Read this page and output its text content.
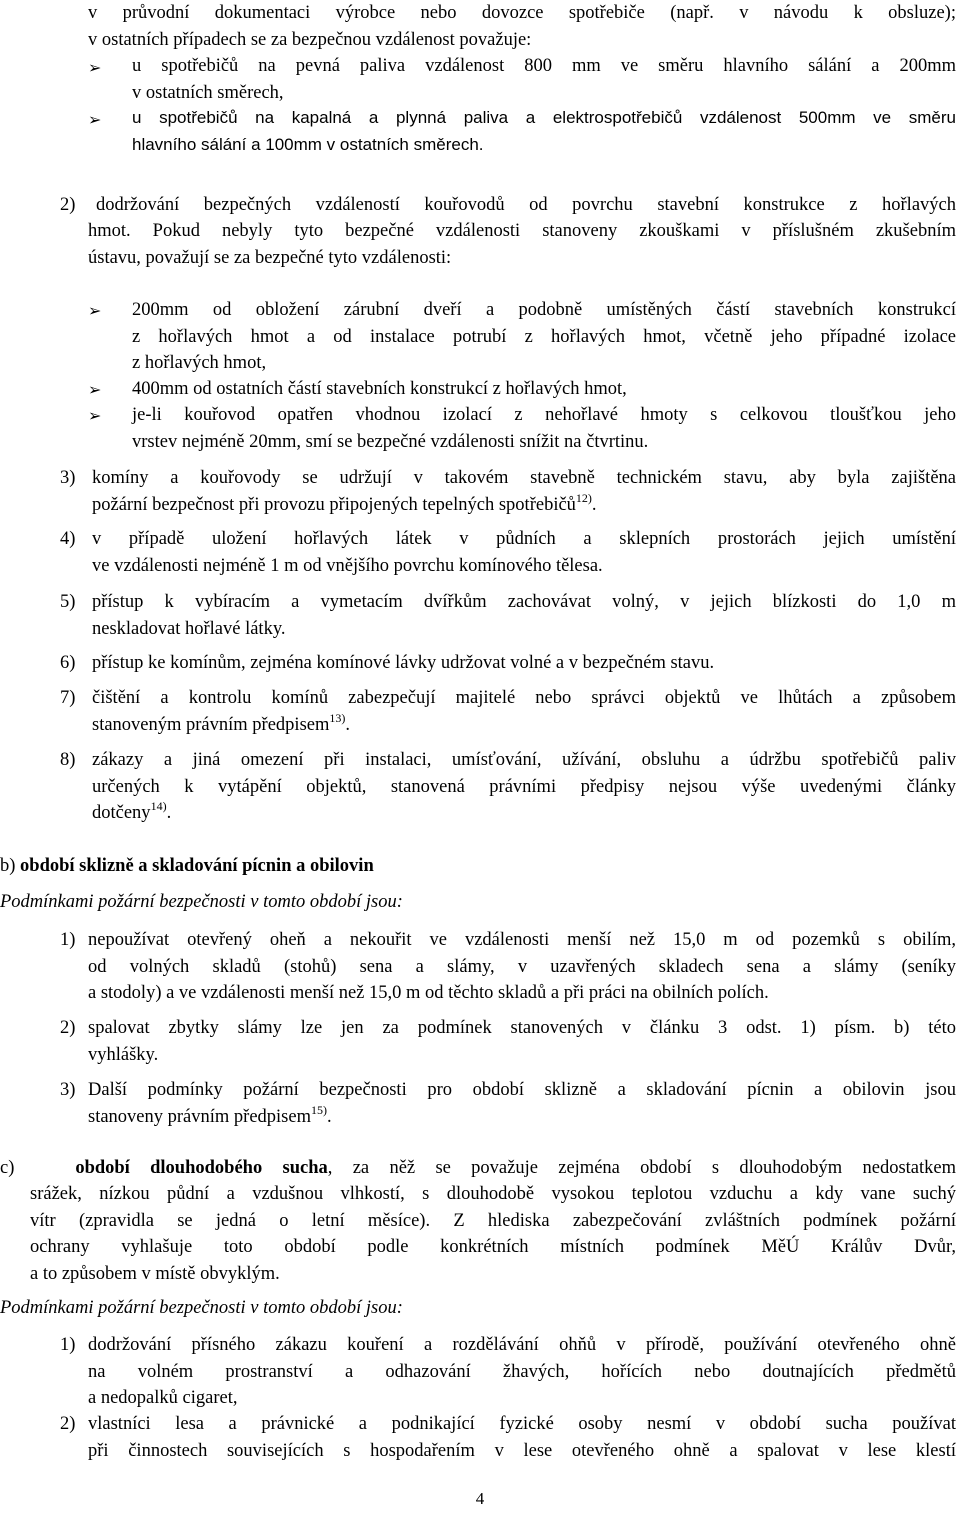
v průvodní dokumentaci výrobce nebo dovozce spotřebiče (např. v návodu k obsluze);
v ostatních případech se za bezpečnou vzdálenost považuje:
➢ u spotřebičů na pevná paliva vzdálenost 800 mm ve směru hlavního sálání a 200mm
v ostatních směrech,
➢ u spotřebičů na kapalná a plynná paliva a elektrospotřebičů vzdálenost 500mm ve směru
hlavního sálání a 100mm v ostatních směrech.
2) dodržování bezpečných vzdáleností kouřovodů od povrchu stavební konstrukce z hořlavých
hmot. Pokud nebyly tyto bezpečné vzdálenosti stanoveny zkouškami v příslušném zkušebním
ústavu, považují se za bezpečné tyto vzdálenosti:
➢ 200mm od obložení zárubní dveří a podobně umístěných částí stavebních konstrukcí
z hořlavých hmot a od instalace potrubí z hořlavých hmot, včetně jeho případné izolace
z hořlavých hmot,
➢ 400mm od ostatních částí stavebních konstrukcí z hořlavých hmot,
➢ je-li kouřovod opatřen vhodnou izolací z nehořlavé hmoty s celkovou tloušťkou jeho
vrstev nejméně 20mm, smí se bezpečné vzdálenosti snížit na čtvrtinu.
3) komíny a kouřovody se udržují v takovém stavebně technickém stavu, aby byla zajištěna
požární bezpečnost při provozu připojených tepelných spotřebičů$^{12)}$.
4) v případě uložení hořlavých látek v půdních a sklepních prostorách jejich umístění
ve vzdálenosti nejméně 1 m od vnějšího povrchu komínového tělesa.
5) přístup k vybíracím a vymetacím dvířkům zachovávat volný, v jejich blízkosti do 1,0 m
neskladovat hořlavé látky.
6) přístup ke komínům, zejména komínové lávky udržovat volné a v bezpečném stavu.
7) čištění a kontrolu komínů zabezpečují majitelé nebo správci objektů ve lhůtách a způsobem
stanoveným právním předpisem$^{13)}$.
8) zákazy a jiná omezení při instalaci, umísťování, užívání, obsluhu a údržbu spotřebičů paliv
určených k vytápění objektů, stanovená právními předpisy nejsou výše uvedenými články
dotčeny$^{14)}$.
b) období sklizně a skladování pícnin a obilovin
Podmínkami požární bezpečnosti v tomto období jsou:
1) nepoužívat otevřený oheň a nekouřit ve vzdálenosti menší než 15,0 m od pozemků s obilím,
od volných skladů (stohů) sena a slámy, v uzavřených skladech sena a slámy (seníky
a stodoly) a ve vzdálenosti menší než 15,0 m od těchto skladů a při práci na obilních polích.
2) spalovat zbytky slámy lze jen za podmínek stanovených v článku 3 odst. 1) písm. b) této
vyhlášky.
3) Další podmínky požární bezpečnosti pro období sklizně a skladování pícnin a obilovin jsou
stanoveny právním předpisem$^{15)}$.
c)   období dlouhodobého sucha, za něž se považuje zejména období s dlouhodobým nedostatkem
srážek, nízkou půdní a vzdušnou vlhkostí, s dlouhodobě vysokou teplotou vzduchu a kdy vane suchý
vítr (zpravidla se jedná o letní měsíce). Z hlediska zabezpečování zvláštních podmínek požární
ochrany vyhlašuje toto období podle konkrétních místních podmínek MěÚ Králův Dvůr,
a to způsobem v místě obvyklým.
Podmínkami požární bezpečnosti v tomto období jsou:
1) dodržování přísného zákazu kouření a rozdělávání ohňů v přírodě, používání otevřeného ohně
na volném prostranství a odhazování žhavých, hořících nebo doutnajících předmětů
a nedopalků cigaret,
2) vlastníci lesa a právnické a podnikající fyzické osoby nesmí v období sucha používat
při činnostech souvisejících s hospodařením v lese otevřeného ohně a spalovat v lese klestí
4
